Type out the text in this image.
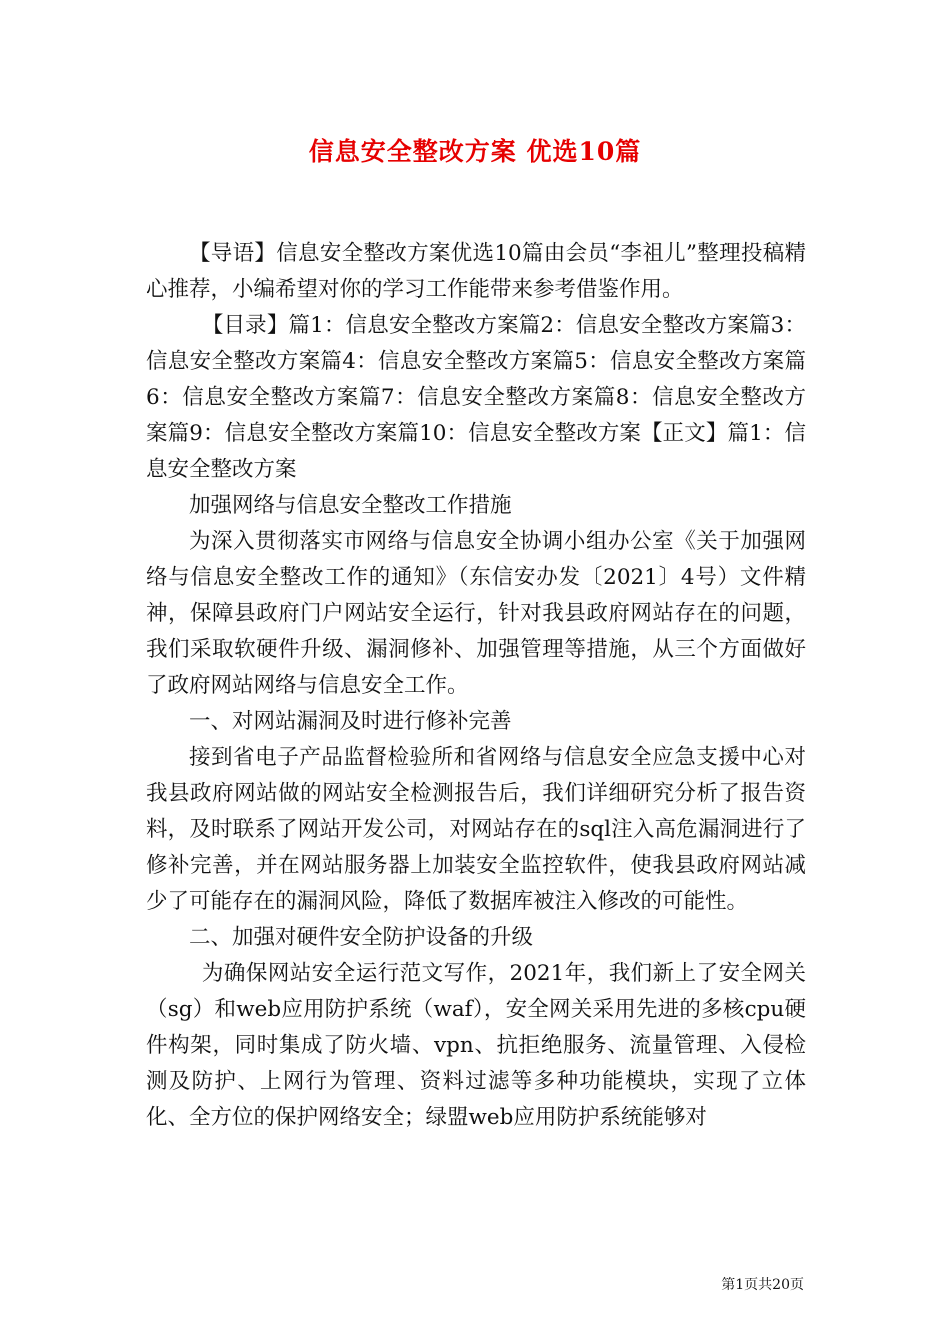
信息安全整改方案 优选10篇

【导语】信息安全整改方案优选10篇由会员“李祖儿”整理投稿精心推荐，小编希望对你的学习工作能带来参考借鉴作用。

【目录】篇1：信息安全整改方案篇2：信息安全整改方案篇3：信息安全整改方案篇4：信息安全整改方案篇5：信息安全整改方案篇6：信息安全整改方案篇7：信息安全整改方案篇8：信息安全整改方案篇9：信息安全整改方案篇10：信息安全整改方案【正文】篇1：信息安全整改方案

加强网络与信息安全整改工作措施

为深入贯彻落实市网络与信息安全协调小组办公室《关于加强网络与信息安全整改工作的通知》（东信安办发〔2021〕4号）文件精神，保障县政府门户网站安全运行，针对我县政府网站存在的问题，我们采取软硬件升级、漏洞修补、加强管理等措施，从三个方面做好了政府网站网络与信息安全工作。

一、对网站漏洞及时进行修补完善

接到省电子产品监督检验所和省网络与信息安全应急支援中心对我县政府网站做的网站安全检测报告后，我们详细研究分析了报告资料，及时联系了网站开发公司，对网站存在的sql注入高危漏洞进行了修补完善，并在网站服务器上加装安全监控软件，使我县政府网站减少了可能存在的漏洞风险，降低了数据库被注入修改的可能性。

二、加强对硬件安全防护设备的升级

为确保网站安全运行范文写作，2021年，我们新上了安全网关（sg）和web应用防护系统（waf），安全网关采用先进的多核cpu硬件构架，同时集成了防火墙、vpn、抗拒绝服务、流量管理、入侵检测及防护、上网行为管理、资料过滤等多种功能模块，实现了立体化、全方位的保护网络安全；绿盟web应用防护系统能够对

第1页共20页
